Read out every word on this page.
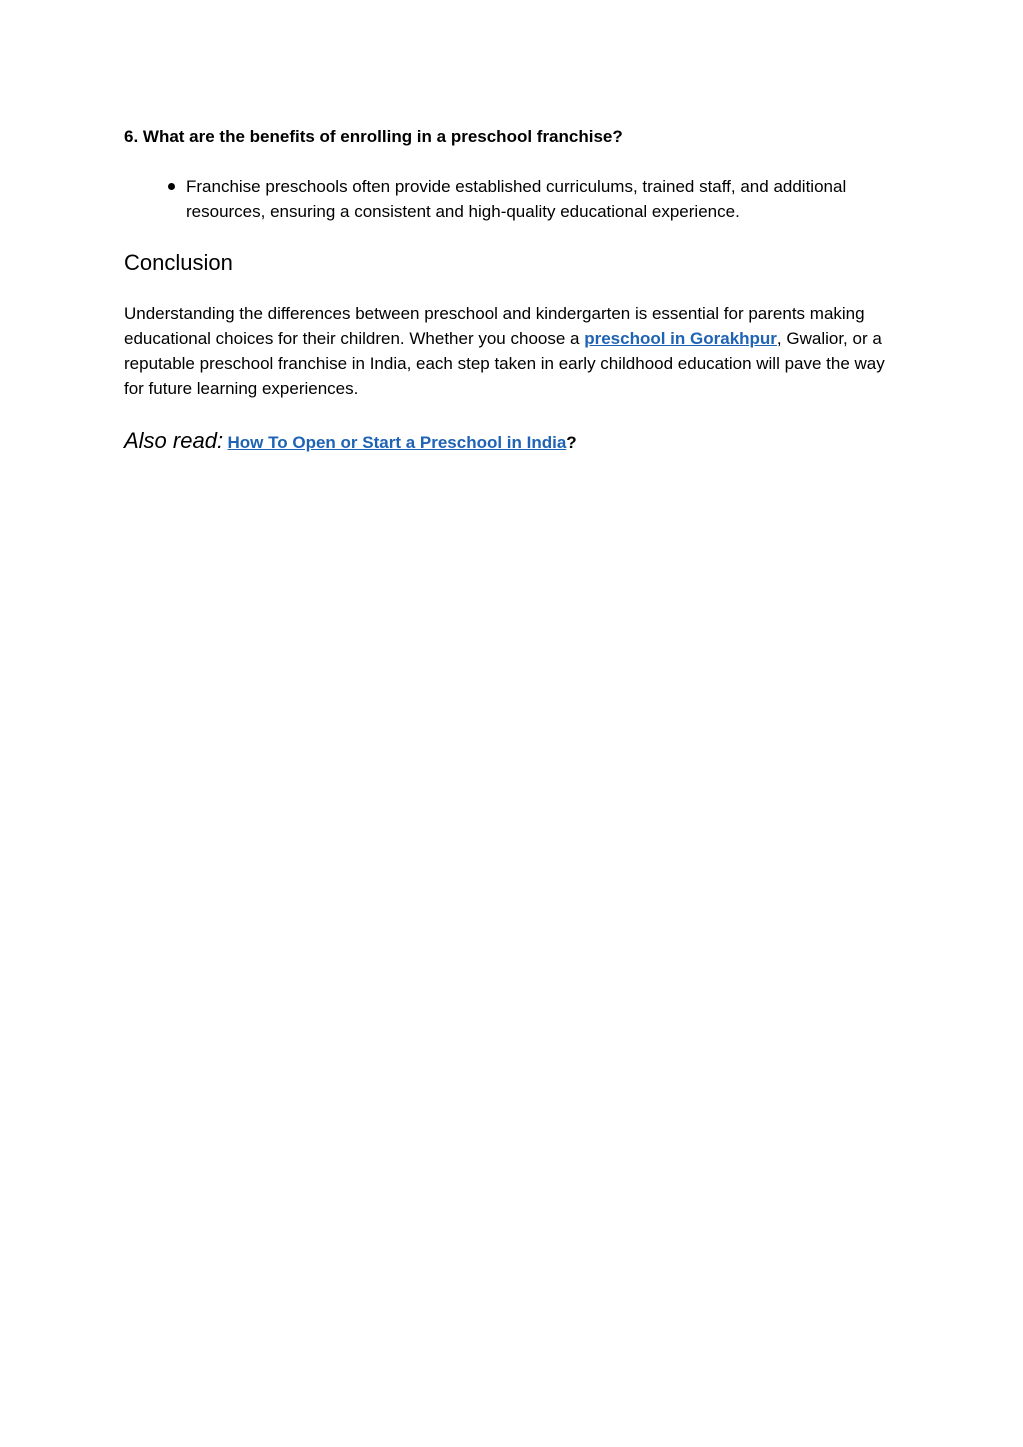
6. What are the benefits of enrolling in a preschool franchise?

Franchise preschools often provide established curriculums, trained staff, and additional resources, ensuring a consistent and high-quality educational experience.
Conclusion

Understanding the differences between preschool and kindergarten is essential for parents making educational choices for their children. Whether you choose a preschool in Gorakhpur, Gwalior, or a reputable preschool franchise in India, each step taken in early childhood education will pave the way for future learning experiences.

Also read: How To Open or Start a Preschool in India?
